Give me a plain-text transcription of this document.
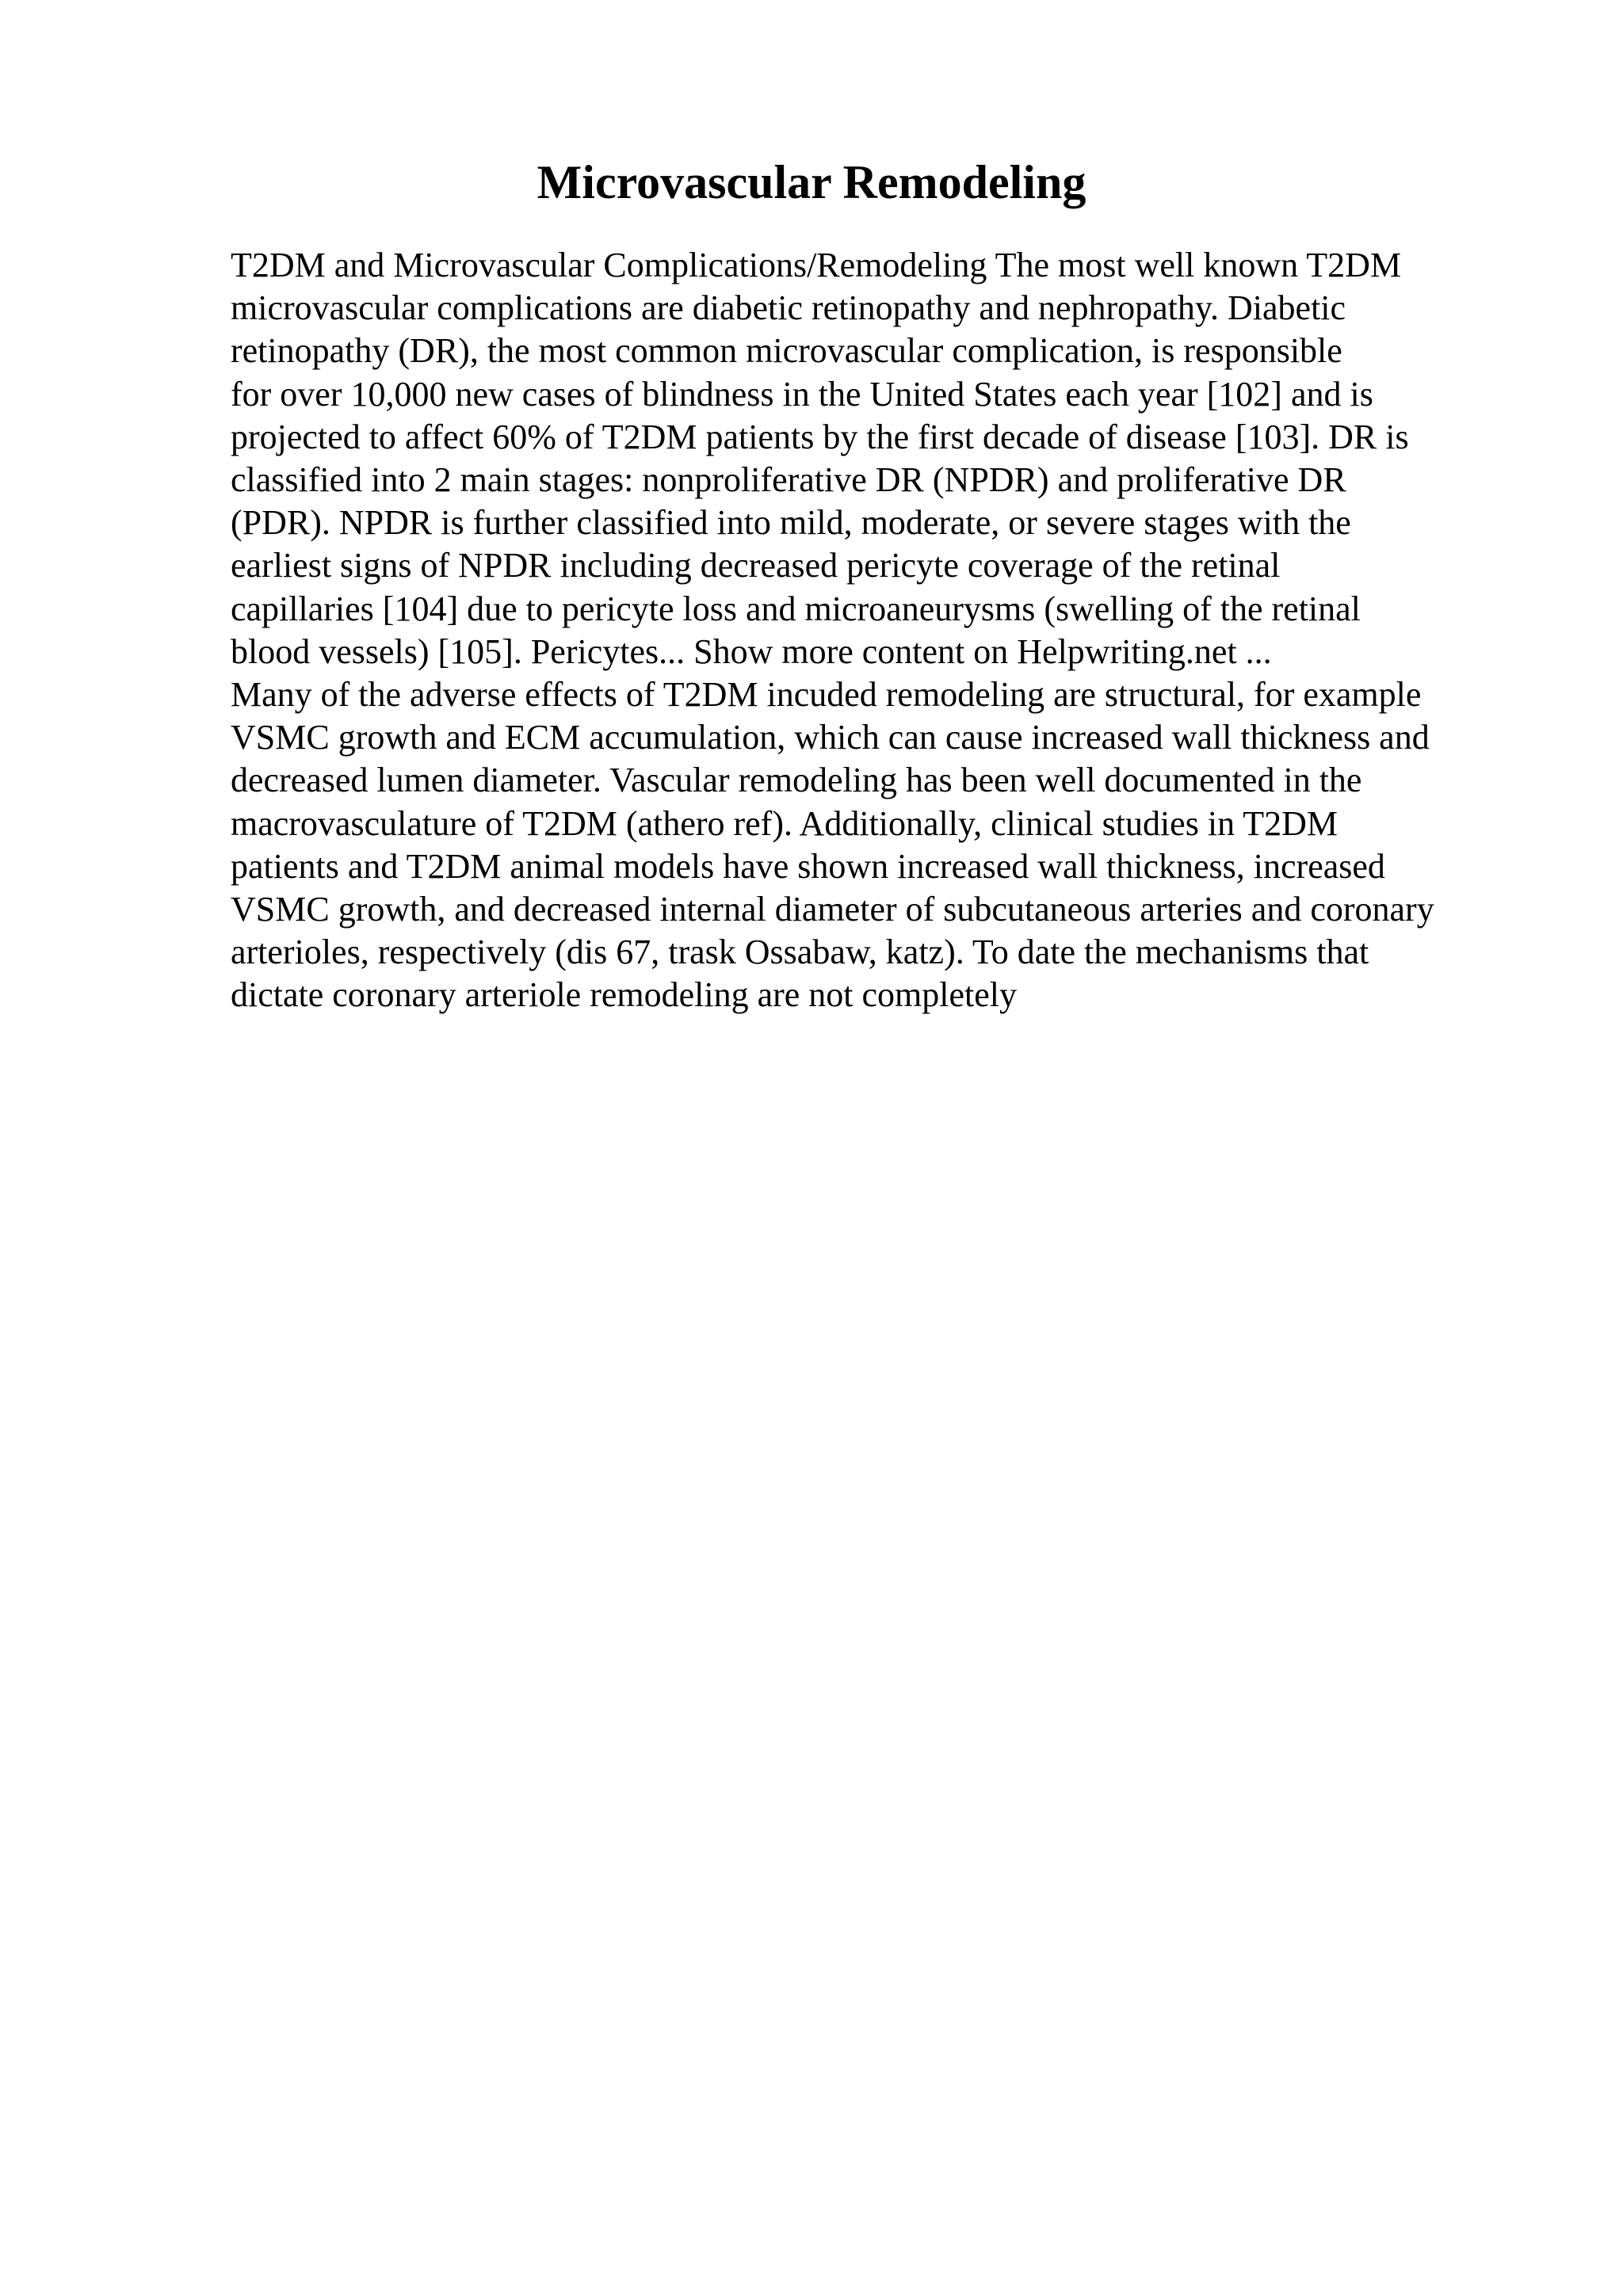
Microvascular Remodeling
T2DM and Microvascular Complications/Remodeling The most well known T2DM
microvascular complications are diabetic retinopathy and nephropathy. Diabetic
retinopathy (DR), the most common microvascular complication, is responsible
for over 10,000 new cases of blindness in the United States each year [102] and is
projected to affect 60% of T2DM patients by the first decade of disease [103]. DR is
classified into 2 main stages: nonproliferative DR (NPDR) and proliferative DR
(PDR). NPDR is further classified into mild, moderate, or severe stages with the
earliest signs of NPDR including decreased pericyte coverage of the retinal
capillaries [104] due to pericyte loss and microaneurysms (swelling of the retinal
blood vessels) [105]. Pericytes... Show more content on Helpwriting.net ...
Many of the adverse effects of T2DM incuded remodeling are structural, for example
VSMC growth and ECM accumulation, which can cause increased wall thickness and
decreased lumen diameter. Vascular remodeling has been well documented in the
macrovasculature of T2DM (athero ref). Additionally, clinical studies in T2DM
patients and T2DM animal models have shown increased wall thickness, increased
VSMC growth, and decreased internal diameter of subcutaneous arteries and coronary
arterioles, respectively (dis 67, trask Ossabaw, katz). To date the mechanisms that
dictate coronary arteriole remodeling are not completely
